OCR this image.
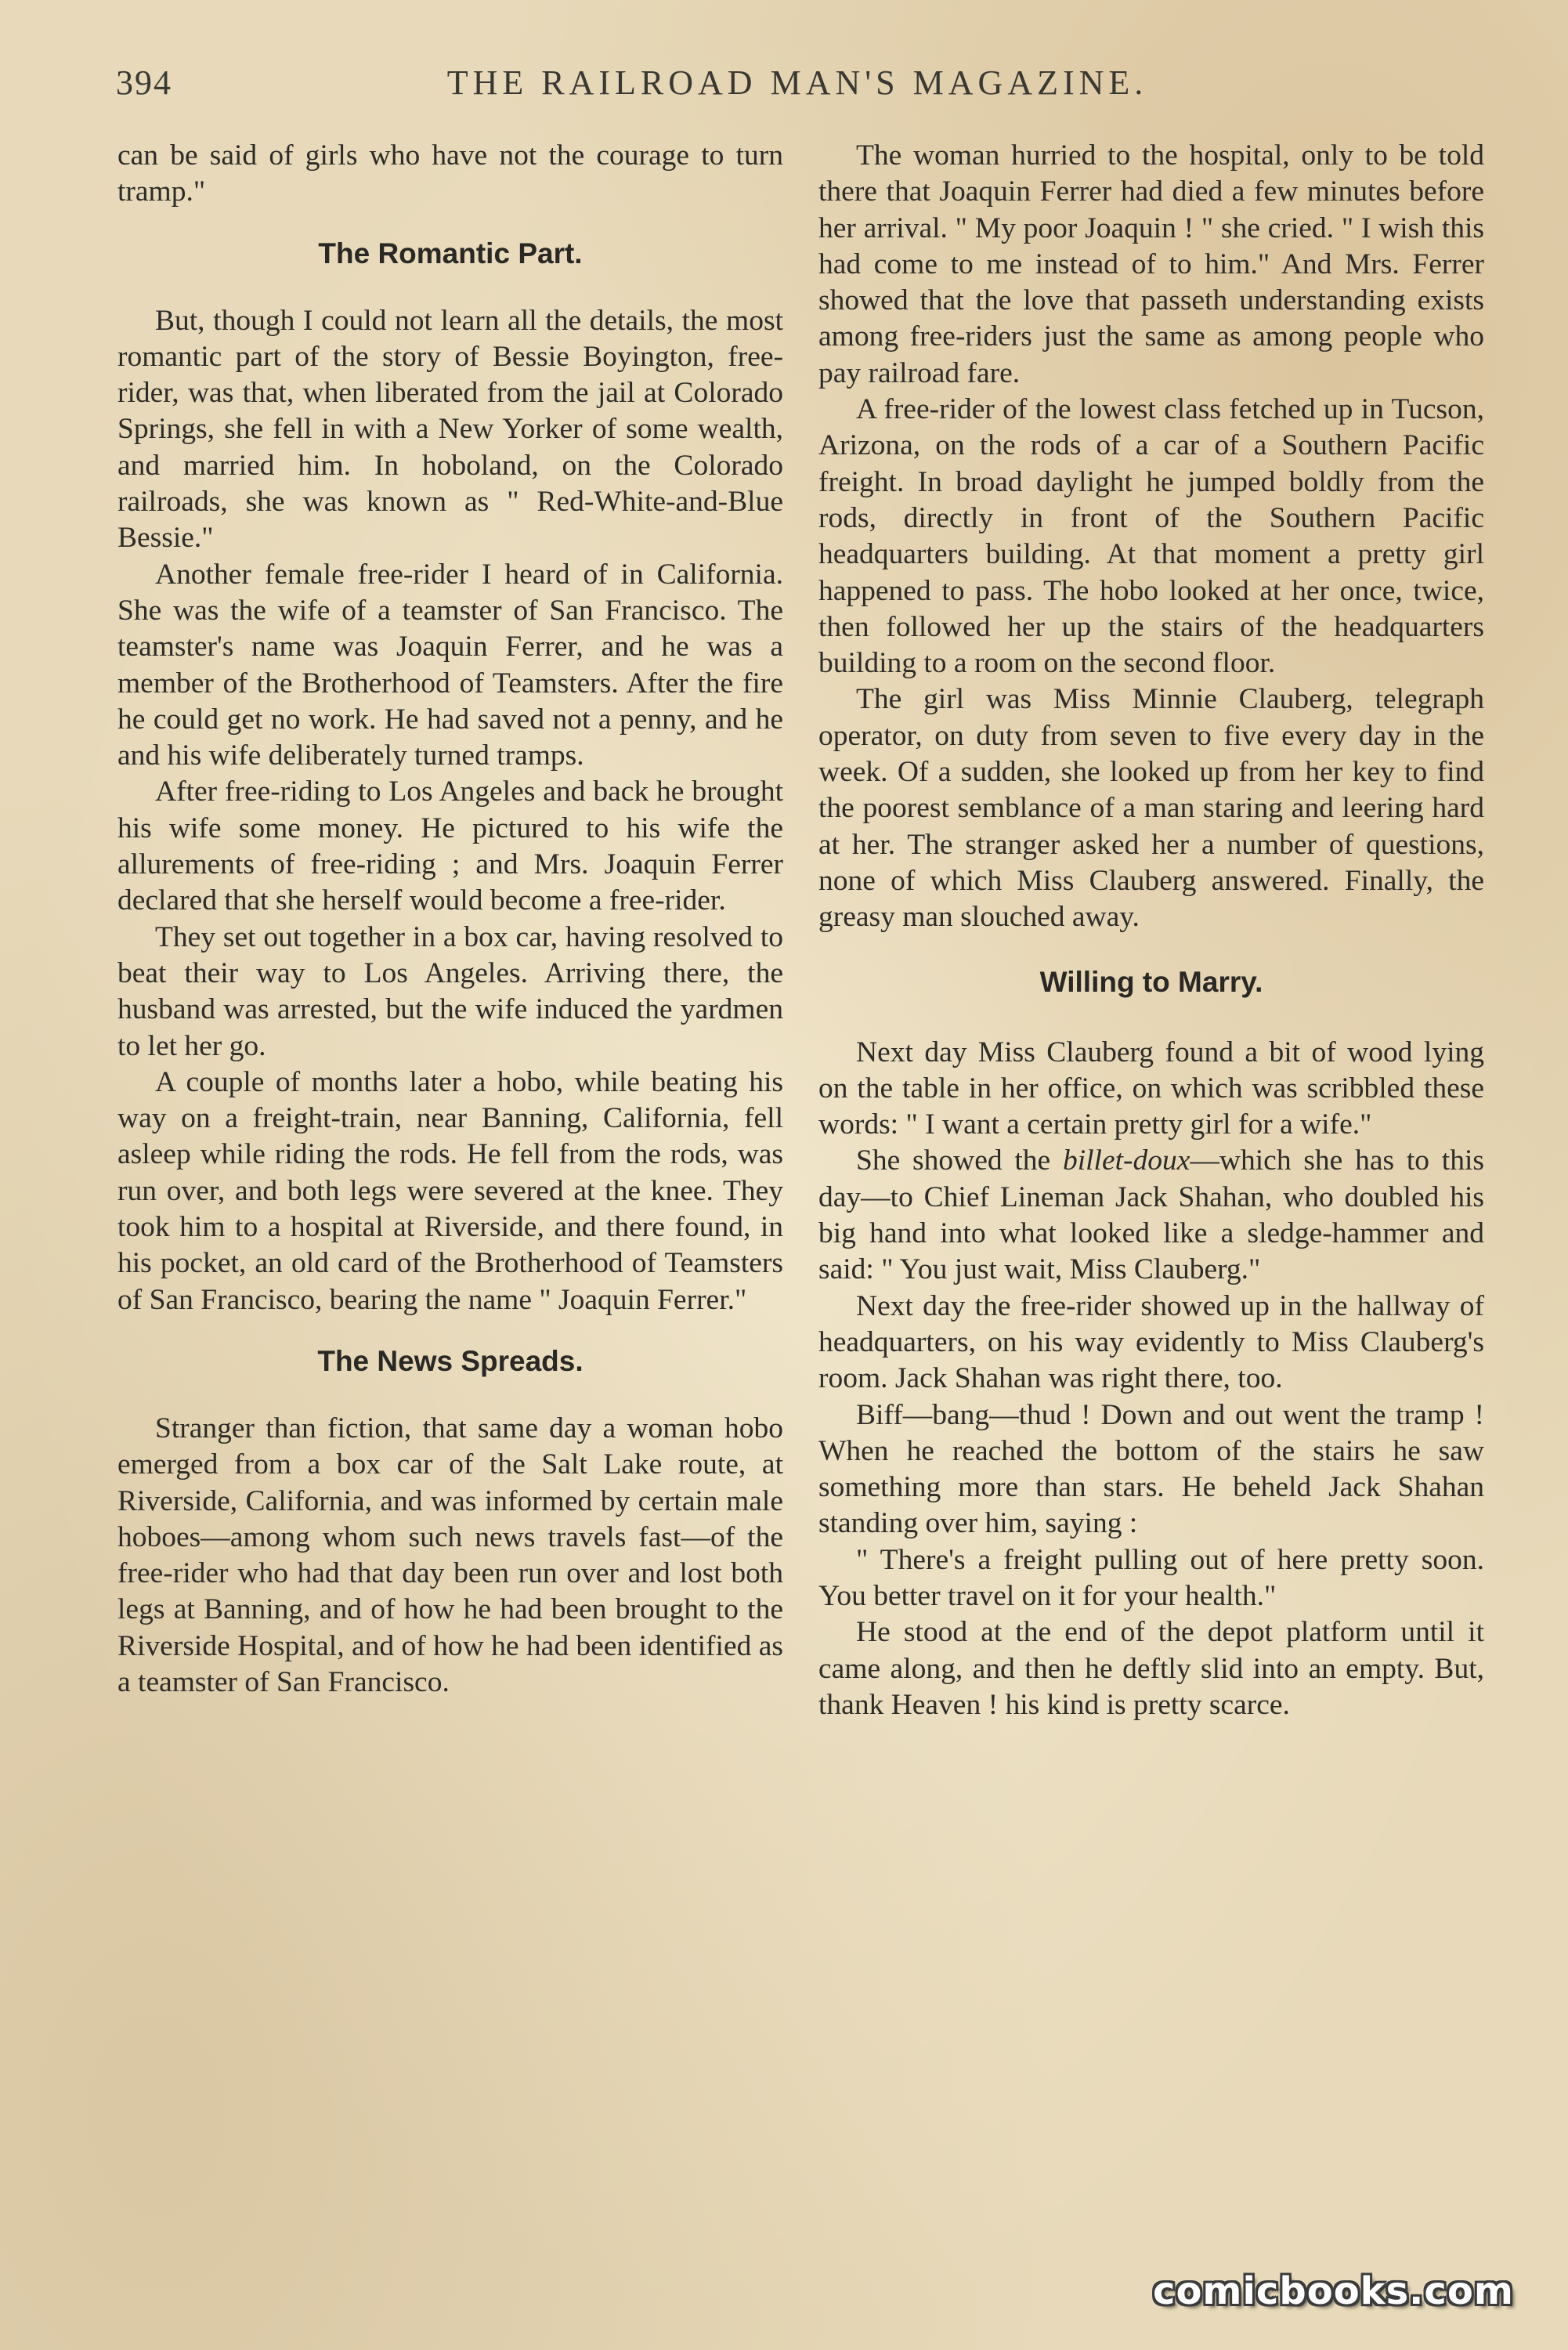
394	THE RAILROAD MAN'S MAGAZINE.

can be said of girls who have not the courage to turn tramp."

The Romantic Part.

But, though I could not learn all the details, the most romantic part of the story of Bessie Boyington, free-rider, was that, when liberated from the jail at Colorado Springs, she fell in with a New Yorker of some wealth, and married him. In hoboland, on the Colorado railroads, she was known as " Red-White-and-Blue Bessie."

Another female free-rider I heard of in California. She was the wife of a teamster of San Francisco. The teamster's name was Joaquin Ferrer, and he was a member of the Brotherhood of Teamsters. After the fire he could get no work. He had saved not a penny, and he and his wife deliberately turned tramps.

After free-riding to Los Angeles and back he brought his wife some money. He pictured to his wife the allurements of free-riding ; and Mrs. Joaquin Ferrer declared that she herself would become a free-rider.

They set out together in a box car, having resolved to beat their way to Los Angeles. Arriving there, the husband was arrested, but the wife induced the yardmen to let her go.

A couple of months later a hobo, while beating his way on a freight-train, near Banning, California, fell asleep while riding the rods. He fell from the rods, was run over, and both legs were severed at the knee. They took him to a hospital at Riverside, and there found, in his pocket, an old card of the Brotherhood of Teamsters of San Francisco, bearing the name " Joaquin Ferrer."

The News Spreads.

Stranger than fiction, that same day a woman hobo emerged from a box car of the Salt Lake route, at Riverside, California, and was informed by certain male hoboes—among whom such news travels fast—of the free-rider who had that day been run over and lost both legs at Banning, and of how he had been brought to the Riverside Hospital, and of how he had been identified as a teamster of San Francisco.

The woman hurried to the hospital, only to be told there that Joaquin Ferrer had died a few minutes before her arrival. " My poor Joaquin ! " she cried. " I wish this had come to me instead of to him." And Mrs. Ferrer showed that the love that passeth understanding exists among free-riders just the same as among people who pay railroad fare.

A free-rider of the lowest class fetched up in Tucson, Arizona, on the rods of a car of a Southern Pacific freight. In broad daylight he jumped boldly from the rods, directly in front of the Southern Pacific headquarters building. At that moment a pretty girl happened to pass. The hobo looked at her once, twice, then followed her up the stairs of the headquarters building to a room on the second floor.

The girl was Miss Minnie Clauberg, telegraph operator, on duty from seven to five every day in the week. Of a sudden, she looked up from her key to find the poorest semblance of a man staring and leering hard at her. The stranger asked her a number of questions, none of which Miss Clauberg answered. Finally, the greasy man slouched away.

Willing to Marry.

Next day Miss Clauberg found a bit of wood lying on the table in her office, on which was scribbled these words: " I want a certain pretty girl for a wife."

She showed the billet-doux—which she has to this day—to Chief Lineman Jack Shahan, who doubled his big hand into what looked like a sledge-hammer and said: " You just wait, Miss Clauberg."

Next day the free-rider showed up in the hallway of headquarters, on his way evidently to Miss Clauberg's room. Jack Shahan was right there, too.

Biff—bang—thud ! Down and out went the tramp ! When he reached the bottom of the stairs he saw something more than stars. He beheld Jack Shahan standing over him, saying :

" There's a freight pulling out of here pretty soon. You better travel on it for your health."

He stood at the end of the depot platform until it came along, and then he deftly slid into an empty. But, thank Heaven ! his kind is pretty scarce.

comicbooks.com
